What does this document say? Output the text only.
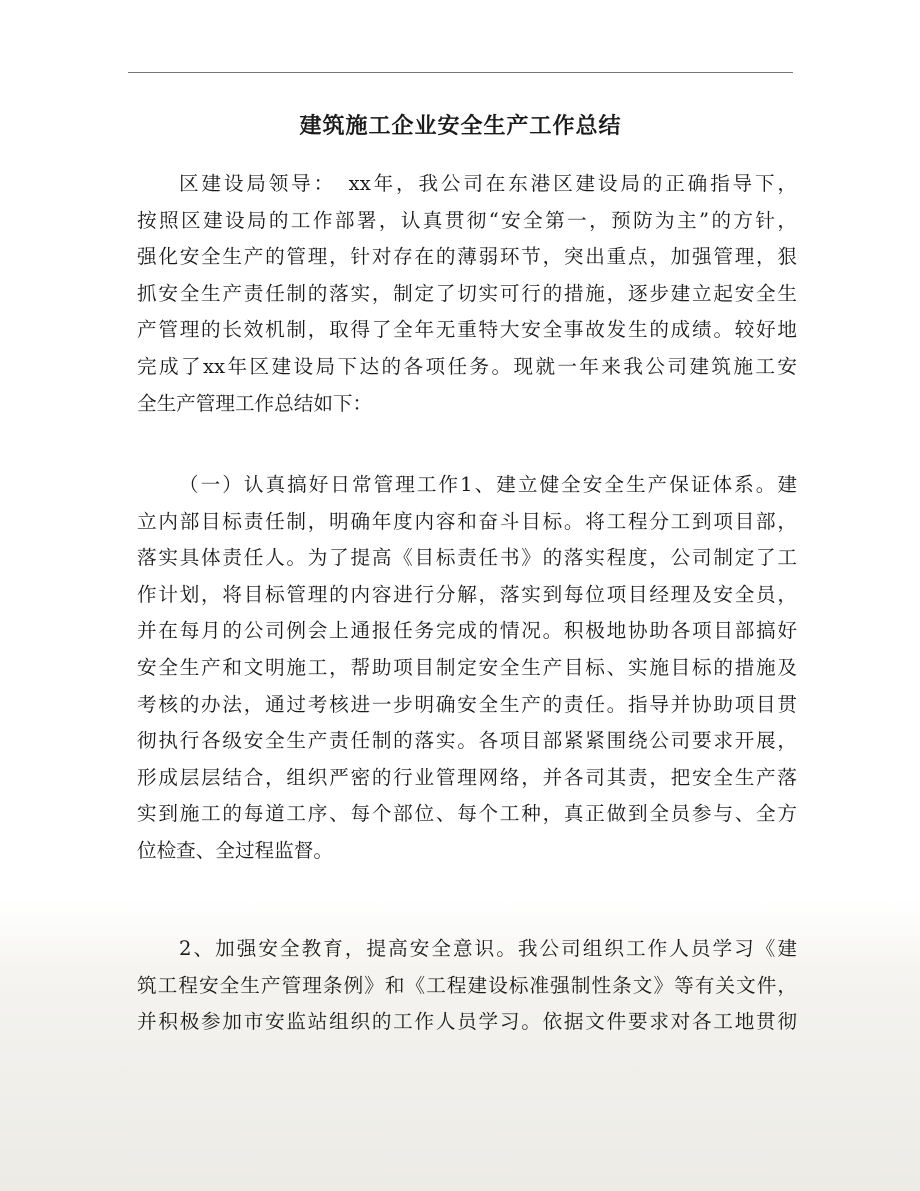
建筑施工企业安全生产工作总结
区建设局领导：　xx年，我公司在东港区建设局的正确指导下，
按照区建设局的工作部署，认真贯彻“安全第一，预防为主”的方针，
强化安全生产的管理，针对存在的薄弱环节，突出重点，加强管理，狠
抓安全生产责任制的落实，制定了切实可行的措施，逐步建立起安全生
产管理的长效机制，取得了全年无重特大安全事故发生的成绩。较好地
完成了xx年区建设局下达的各项任务。现就一年来我公司建筑施工安
全生产管理工作总结如下：
（一）认真搞好日常管理工作1、建立健全安全生产保证体系。建
立内部目标责任制，明确年度内容和奋斗目标。将工程分工到项目部，
落实具体责任人。为了提高《目标责任书》的落实程度，公司制定了工
作计划，将目标管理的内容进行分解，落实到每位项目经理及安全员，
并在每月的公司例会上通报任务完成的情况。积极地协助各项目部搞好
安全生产和文明施工，帮助项目制定安全生产目标、实施目标的措施及
考核的办法，通过考核进一步明确安全生产的责任。指导并协助项目贯
彻执行各级安全生产责任制的落实。各项目部紧紧围绕公司要求开展，
形成层层结合，组织严密的行业管理网络，并各司其责，把安全生产落
实到施工的每道工序、每个部位、每个工种，真正做到全员参与、全方
位检查、全过程监督。
2、加强安全教育，提高安全意识。我公司组织工作人员学习《建
筑工程安全生产管理条例》和《工程建设标准强制性条文》等有关文件，
并积极参加市安监站组织的工作人员学习。依据文件要求对各工地贯彻
